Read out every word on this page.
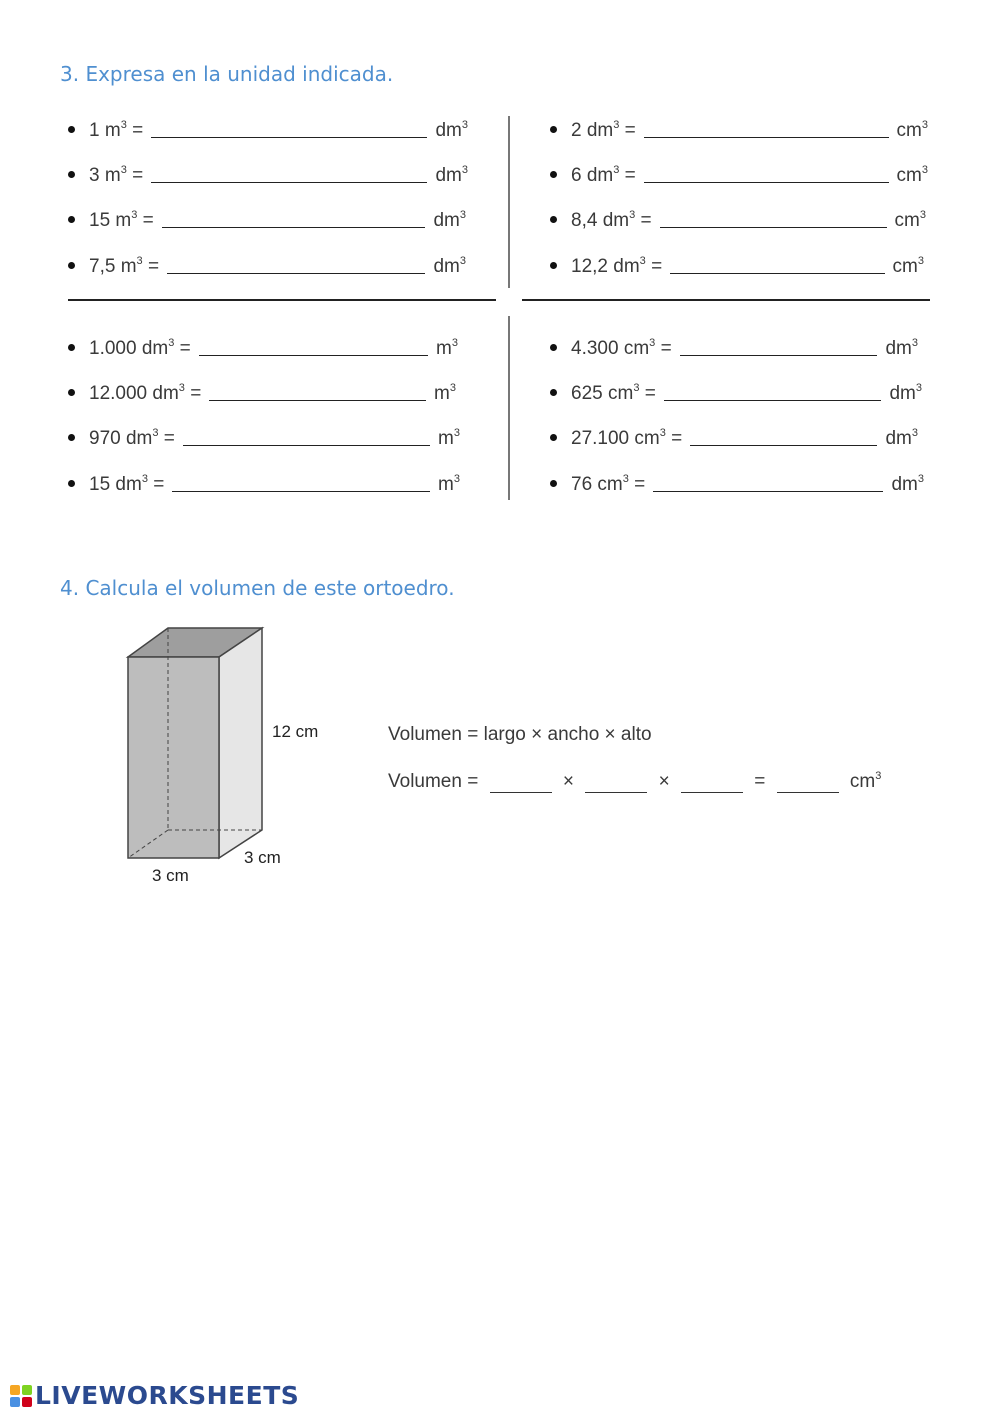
3. Expresa en la unidad indicada.
1 $m^3$ =	$dm^3$
3 $m^3$ =	$dm^3$
15 $m^3$ =	$dm^3$
7,5 $m^3$ =	$dm^3$
2 $dm^3$ =	$cm^3$
6 $dm^3$ =	$cm^3$
8,4 $dm^3$ =	$cm^3$
12,2 $dm^3$ =	$cm^3$
1.000 $dm^3$ =	$m^3$
12.000 $dm^3$ =	$m^3$
970 $dm^3$ =	$m^3$
15 $dm^3$ =	$m^3$
4.300 $cm^3$ =	$dm^3$
625 $cm^3$ =	$dm^3$
27.100 $cm^3$ =	$dm^3$
76 $cm^3$ =	$dm^3$
4. Calcula el volumen de este ortoedro.
12 cm
3 cm
3 cm
Volumen = largo × ancho × alto
Volumen =	×	×	=	$cm^3$
LIVEWORKSHEETS
